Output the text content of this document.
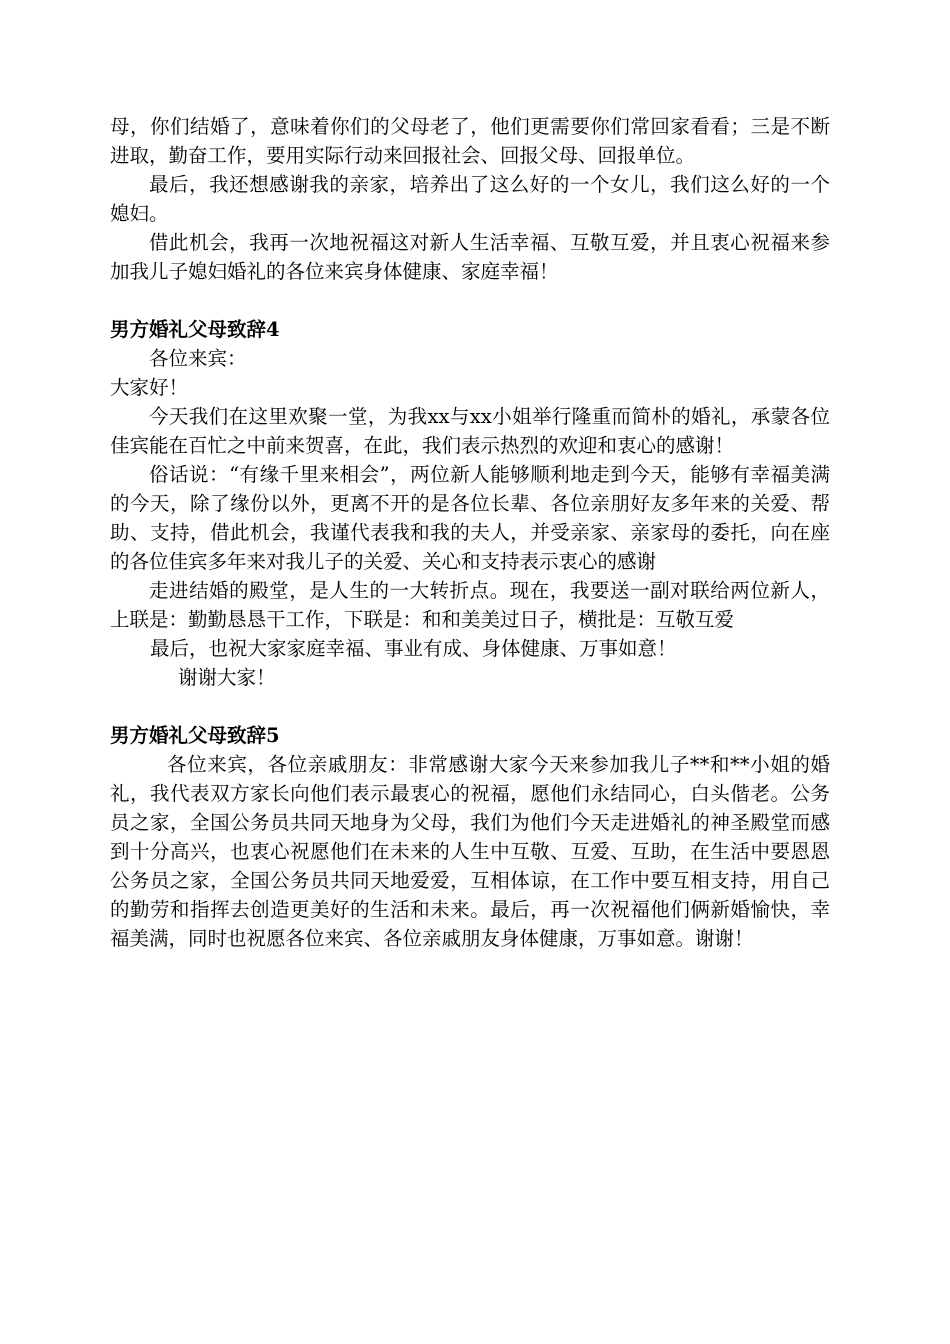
母，你们结婚了，意味着你们的父母老了，他们更需要你们常回家看看；三是不断进取，勤奋工作，要用实际行动来回报社会、回报父母、回报单位。

最后，我还想感谢我的亲家，培养出了这么好的一个女儿，我们这么好的一个媳妇。

借此机会，我再一次地祝福这对新人生活幸福、互敬互爱，并且衷心祝福来参加我儿子媳妇婚礼的各位来宾身体健康、家庭幸福！

男方婚礼父母致辞4

各位来宾：

大家好！

今天我们在这里欢聚一堂，为我xx与xx小姐举行隆重而简朴的婚礼，承蒙各位佳宾能在百忙之中前来贺喜，在此，我们表示热烈的欢迎和衷心的感谢！

俗话说：“有缘千里来相会”，两位新人能够顺利地走到今天，能够有幸福美满的今天，除了缘份以外，更离不开的是各位长辈、各位亲朋好友多年来的关爱、帮助、支持，借此机会，我谨代表我和我的夫人，并受亲家、亲家母的委托，向在座的各位佳宾多年来对我儿子的关爱、关心和支持表示衷心的感谢

走进结婚的殿堂，是人生的一大转折点。现在，我要送一副对联给两位新人，上联是：勤勤恳恳干工作，下联是：和和美美过日子，横批是：互敬互爱

最后，也祝大家家庭幸福、事业有成、身体健康、万事如意！

谢谢大家！

男方婚礼父母致辞5

各位来宾，各位亲戚朋友：非常感谢大家今天来参加我儿子**和**小姐的婚礼，我代表双方家长向他们表示最衷心的祝福，愿他们永结同心，白头偕老。公务员之家，全国公务员共同天地身为父母，我们为他们今天走进婚礼的神圣殿堂而感到十分高兴，也衷心祝愿他们在未来的人生中互敬、互爱、互助，在生活中要恩恩公务员之家，全国公务员共同天地爱爱，互相体谅，在工作中要互相支持，用自己的勤劳和指挥去创造更美好的生活和未来。最后，再一次祝福他们俩新婚愉快，幸福美满，同时也祝愿各位来宾、各位亲戚朋友身体健康，万事如意。谢谢！
